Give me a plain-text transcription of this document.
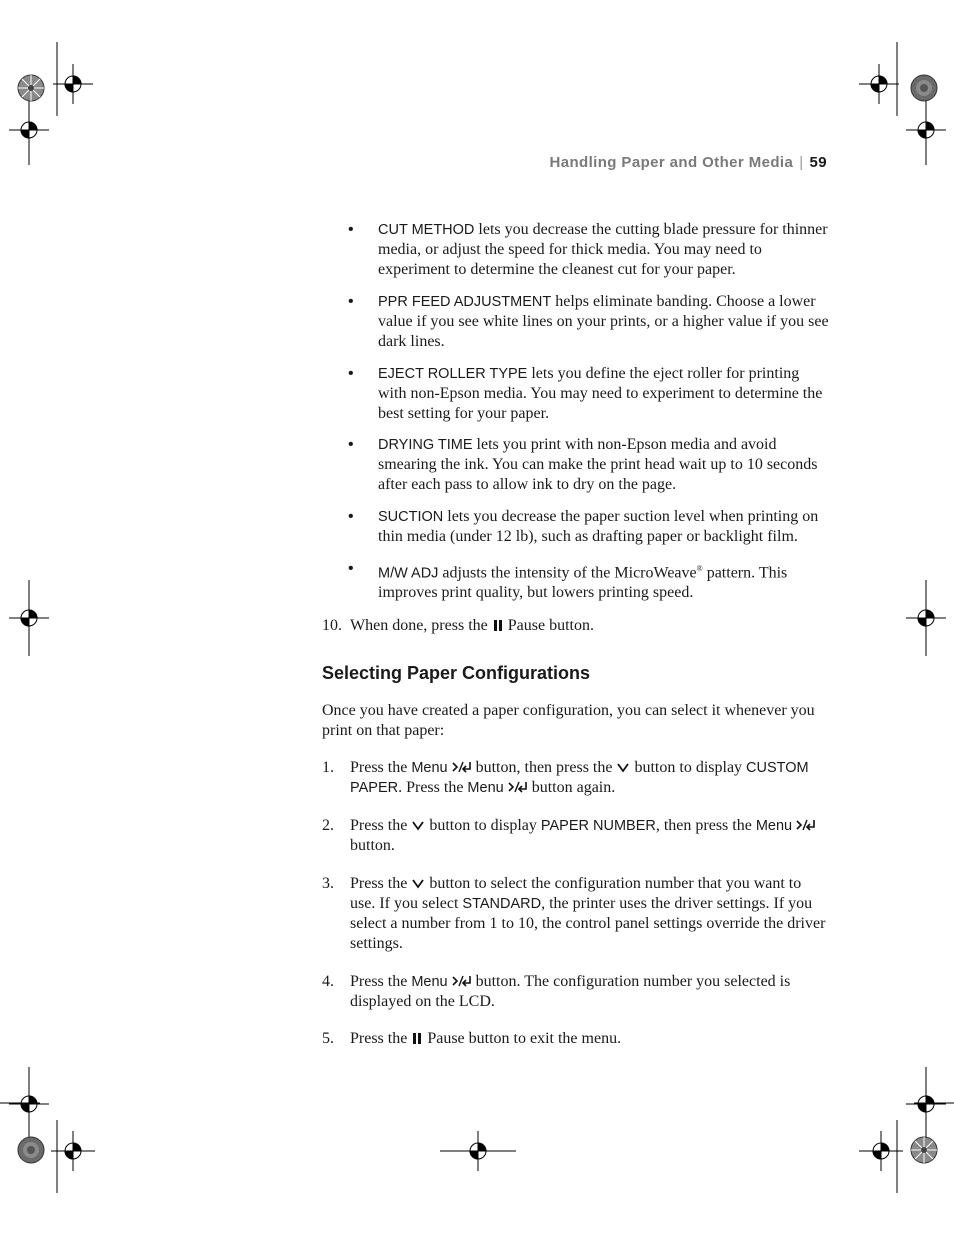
Handling Paper and Other Media | 59
• CUT METHOD lets you decrease the cutting blade pressure for thinner media, or adjust the speed for thick media. You may need to experiment to determine the cleanest cut for your paper.
• PPR FEED ADJUSTMENT helps eliminate banding. Choose a lower value if you see white lines on your prints, or a higher value if you see dark lines.
• EJECT ROLLER TYPE lets you define the eject roller for printing with non-Epson media. You may need to experiment to determine the best setting for your paper.
• DRYING TIME lets you print with non-Epson media and avoid smearing the ink. You can make the print head wait up to 10 seconds after each pass to allow ink to dry on the page.
• SUCTION lets you decrease the paper suction level when printing on thin media (under 12 lb), such as drafting paper or backlight film.
• M/W ADJ adjusts the intensity of the MicroWeave® pattern. This improves print quality, but lowers printing speed.
10. When done, press the  Pause button.
Selecting Paper Configurations
Once you have created a paper configuration, you can select it whenever you print on that paper:
1. Press the Menu  button, then press the  button to display CUSTOM PAPER. Press the Menu  button again.
2. Press the  button to display PAPER NUMBER, then press the Menu  button.
3. Press the  button to select the configuration number that you want to use. If you select STANDARD, the printer uses the driver settings. If you select a number from 1 to 10, the control panel settings override the driver settings.
4. Press the Menu  button. The configuration number you selected is displayed on the LCD.
5. Press the  Pause button to exit the menu.
